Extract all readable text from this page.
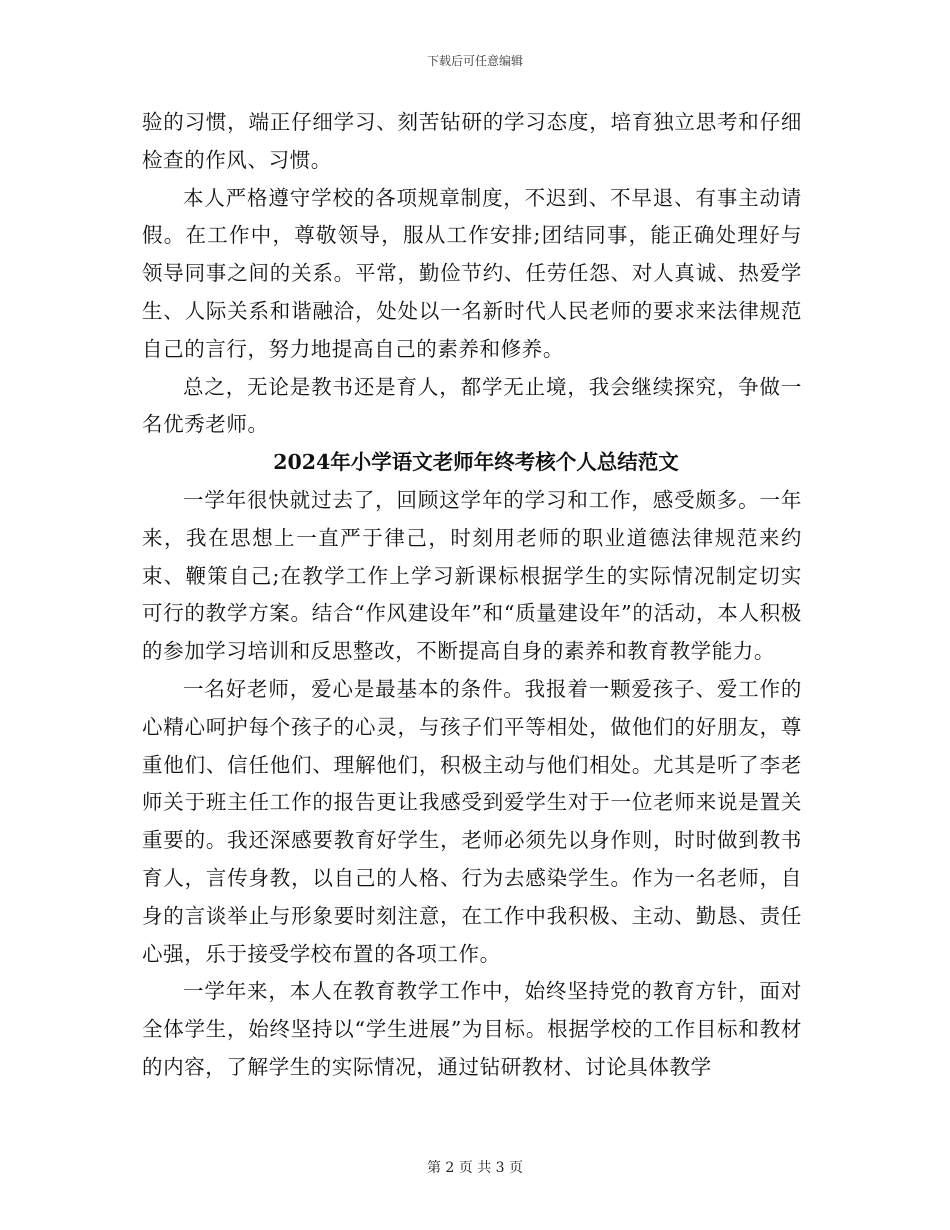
下载后可任意编辑

验的习惯，端正仔细学习、刻苦钻研的学习态度，培育独立思考和仔细检查的作风、习惯。

本人严格遵守学校的各项规章制度，不迟到、不早退、有事主动请假。在工作中，尊敬领导，服从工作安排;团结同事，能正确处理好与领导同事之间的关系。平常，勤俭节约、任劳任怨、对人真诚、热爱学生、人际关系和谐融洽，处处以一名新时代人民老师的要求来法律规范自己的言行，努力地提高自己的素养和修养。

总之，无论是教书还是育人，都学无止境，我会继续探究，争做一名优秀老师。

2024年小学语文老师年终考核个人总结范文

一学年很快就过去了，回顾这学年的学习和工作，感受颇多。一年来，我在思想上一直严于律己，时刻用老师的职业道德法律规范来约束、鞭策自己;在教学工作上学习新课标根据学生的实际情况制定切实可行的教学方案。结合“作风建设年”和“质量建设年”的活动，本人积极的参加学习培训和反思整改，不断提高自身的素养和教育教学能力。

一名好老师，爱心是最基本的条件。我报着一颗爱孩子、爱工作的心精心呵护每个孩子的心灵，与孩子们平等相处，做他们的好朋友，尊重他们、信任他们、理解他们，积极主动与他们相处。尤其是听了李老师关于班主任工作的报告更让我感受到爱学生对于一位老师来说是置关重要的。我还深感要教育好学生，老师必须先以身作则，时时做到教书育人，言传身教，以自己的人格、行为去感染学生。作为一名老师，自身的言谈举止与形象要时刻注意，在工作中我积极、主动、勤恳、责任心强，乐于接受学校布置的各项工作。

一学年来，本人在教育教学工作中，始终坚持党的教育方针，面对全体学生，始终坚持以“学生进展”为目标。根据学校的工作目标和教材的内容，了解学生的实际情况，通过钻研教材、讨论具体教学

第 2 页 共 3 页
